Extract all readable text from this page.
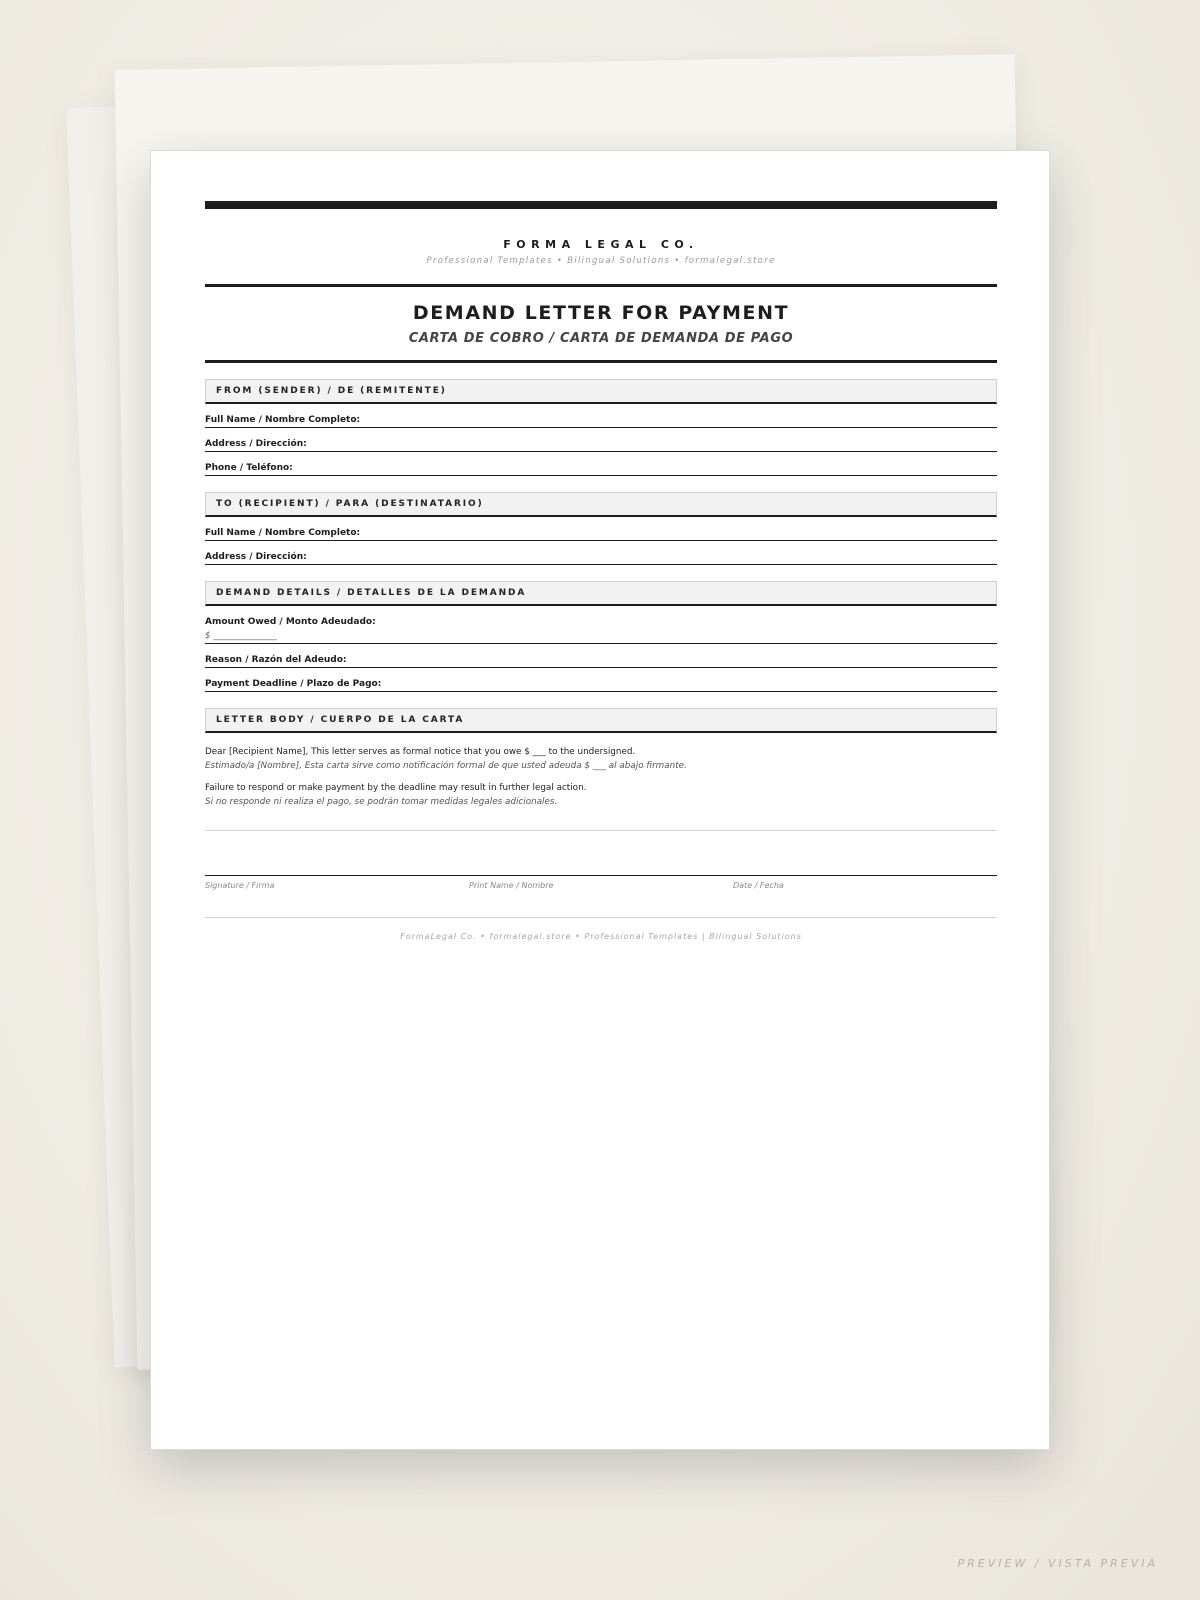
FORMA LEGAL CO.
Professional Templates • Bilingual Solutions • formalegal.store
DEMAND LETTER FOR PAYMENT
CARTA DE COBRO / CARTA DE DEMANDA DE PAGO
FROM (SENDER) / DE (REMITENTE)
Full Name / Nombre Completo:
Address / Dirección:
Phone / Teléfono:
TO (RECIPIENT) / PARA (DESTINATARIO)
Full Name / Nombre Completo:
Address / Dirección:
DEMAND DETAILS / DETALLES DE LA DEMANDA
Amount Owed / Monto Adeudado:
$ _______________
Reason / Razón del Adeudo:
Payment Deadline / Plazo de Pago:
LETTER BODY / CUERPO DE LA CARTA
Dear [Recipient Name], This letter serves as formal notice that you owe $ ___ to the undersigned.
Estimado/a [Nombre], Esta carta sirve como notificación formal de que usted adeuda $ ___ al abajo firmante.
Failure to respond or make payment by the deadline may result in further legal action.
Si no responde ni realiza el pago, se podrán tomar medidas legales adicionales.
Signature / Firma	Print Name / Nombre	Date / Fecha
FormaLegal Co. • formalegal.store • Professional Templates | Bilingual Solutions
PREVIEW / VISTA PREVIA
